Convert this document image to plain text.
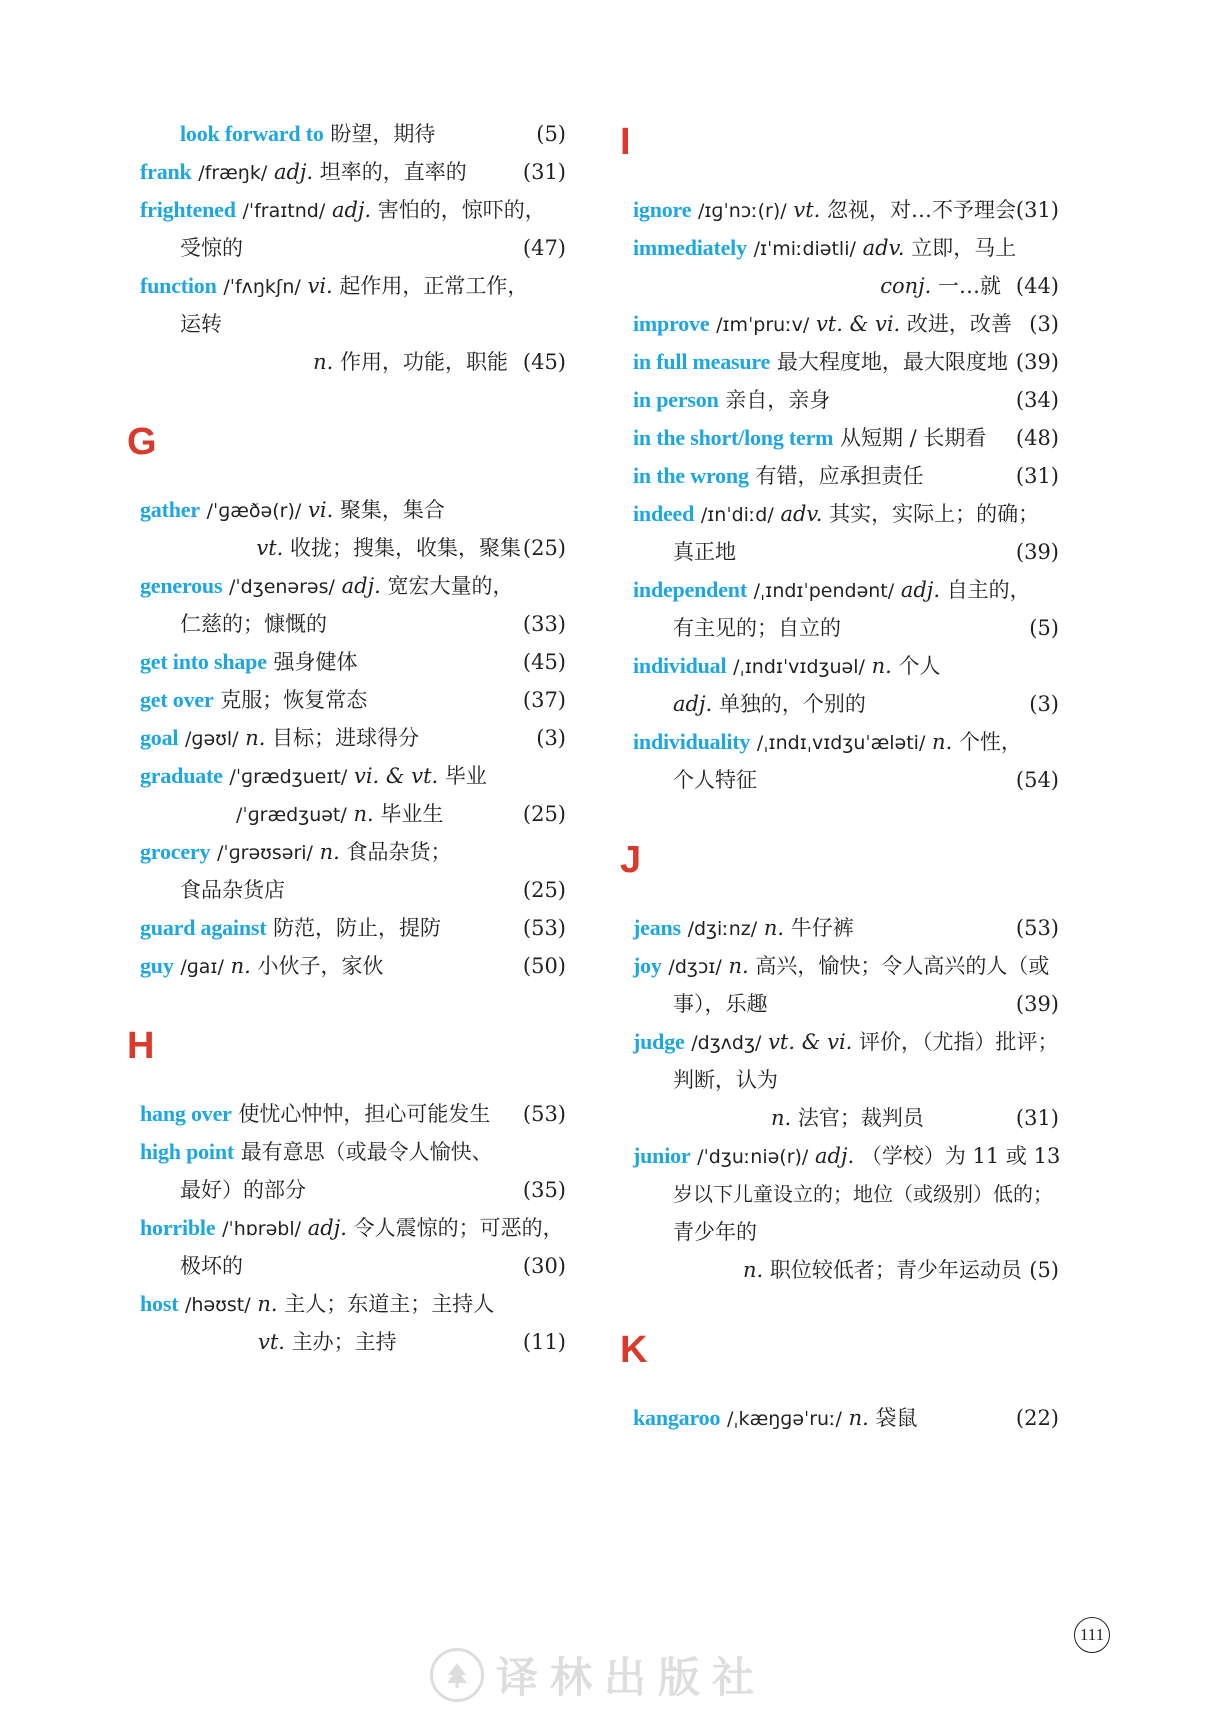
look forward to 盼望，期待	(5)
frank /fræŋk/ adj. 坦率的，直率的	(31)
frightened /ˈfraɪtnd/ adj. 害怕的，惊吓的，
受惊的	(47)
function /ˈfʌŋkʃn/ vi. 起作用，正常工作，
运转
n. 作用，功能，职能 (45)
G
gather /ˈɡæðə(r)/ vi. 聚集，集合
vt. 收拢；搜集，收集，聚集 (25)
generous /ˈdʒenərəs/ adj. 宽宏大量的，
仁慈的；慷慨的	(33)
get into shape 强身健体	(45)
get over 克服；恢复常态	(37)
goal /ɡəʊl/ n. 目标；进球得分	(3)
graduate /ˈɡrædʒueɪt/ vi. & vt. 毕业
/ˈɡrædʒuət/ n. 毕业生	(25)
grocery /ˈɡrəʊsəri/ n. 食品杂货；
食品杂货店	(25)
guard against 防范，防止，提防	(53)
guy /ɡaɪ/ n. 小伙子，家伙	(50)
H
hang over 使忧心忡忡，担心可能发生 (53)
high point 最有意思（或最令人愉快、
最好）的部分	(35)
horrible /ˈhɒrəbl/ adj. 令人震惊的；可恶的，
极坏的	(30)
host /həʊst/ n. 主人；东道主；主持人
vt. 主办；主持	(11)
I
ignore /ɪɡˈnɔː(r)/ vt. 忽视，对…不予理会 (31)
immediately /ɪˈmiːdiətli/ adv. 立即，马上
conj. 一…就 (44)
improve /ɪmˈpruːv/ vt. & vi. 改进，改善 (3)
in full measure 最大程度地，最大限度地 (39)
in person 亲自，亲身	(34)
in the short/long term 从短期 / 长期看 (48)
in the wrong 有错，应承担责任	(31)
indeed /ɪnˈdiːd/ adv. 其实，实际上；的确；
真正地	(39)
independent /ˌɪndɪˈpendənt/ adj. 自主的，
有主见的；自立的	(5)
individual /ˌɪndɪˈvɪdʒuəl/ n. 个人
adj. 单独的，个别的	(3)
individuality /ˌɪndɪˌvɪdʒuˈæləti/ n. 个性，
个人特征	(54)
J
jeans /dʒiːnz/ n. 牛仔裤	(53)
joy /dʒɔɪ/ n. 高兴，愉快；令人高兴的人（或
事），乐趣	(39)
judge /dʒʌdʒ/ vt. & vi. 评价，（尤指）批评；
判断，认为
n. 法官；裁判员	(31)
junior /ˈdʒuːniə(r)/ adj. （学校）为 11 或 13
岁以下儿童设立的；地位（或级别）低的；
青少年的
n. 职位较低者；青少年运动员 (5)
K
kangaroo /ˌkæŋɡəˈruː/ n. 袋鼠	(22)
111
译林出版社
